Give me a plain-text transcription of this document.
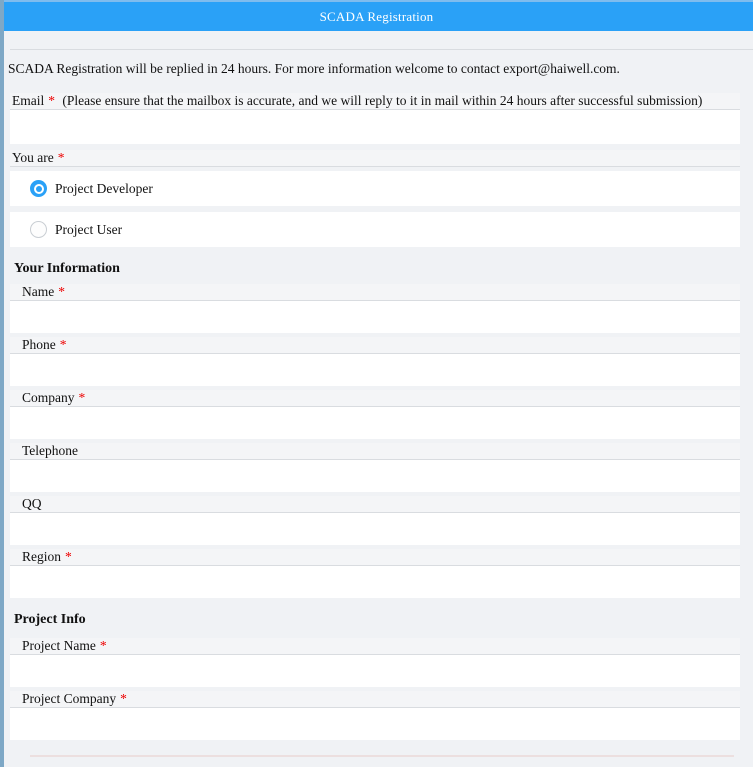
SCADA Registration
SCADA Registration will be replied in 24 hours. For more information welcome to contact export@haiwell.com.
Email * (Please ensure that the mailbox is accurate, and we will reply to it in mail within 24 hours after successful submission)
You are *
Project Developer
Project User
Your Information
Name *
Phone *
Company *
Telephone
QQ
Region *
Project Info
Project Name *
Project Company *
